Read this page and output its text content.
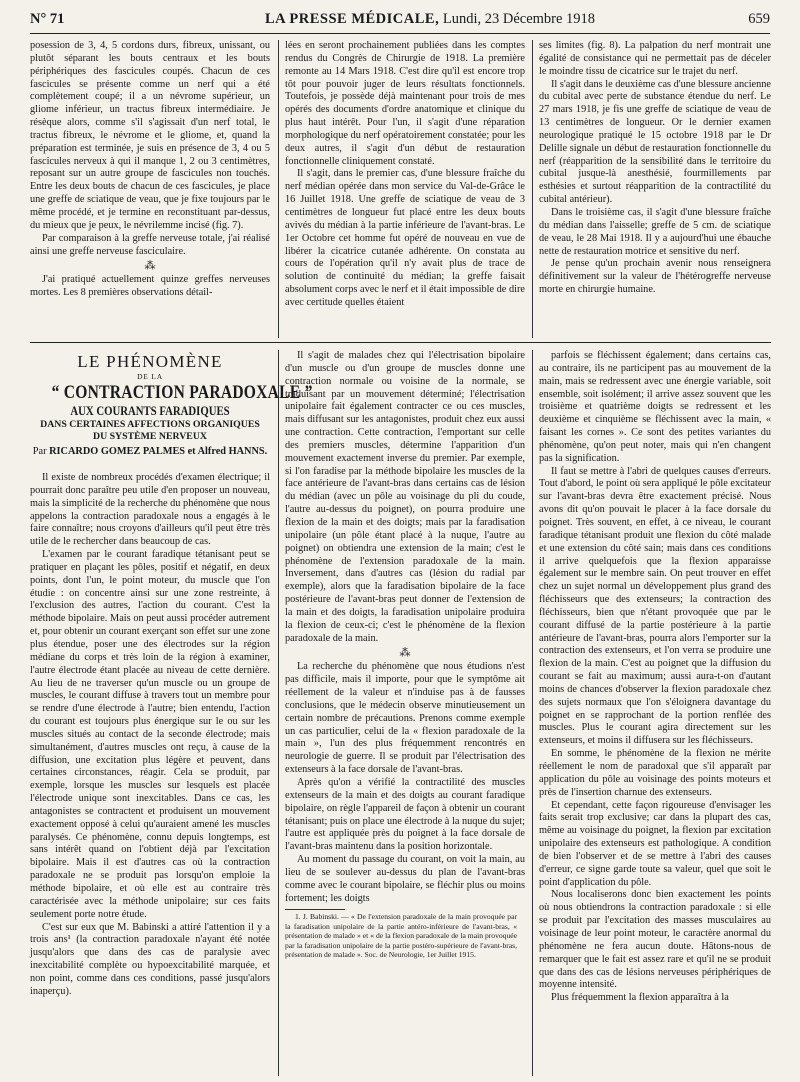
N° 71	LA PRESSE MÉDICALE, Lundi, 23 Décembre 1918	659

posession de 3, 4, 5 cordons durs, fibreux, unissant, ou plutôt séparant les bouts centraux et les bouts périphériques des fascicules coupés. Chacun de ces fascicules se présente comme un nerf qui a été complètement coupé; il a un névrome supérieur, un gliome inférieur, un tractus fibreux intermédiaire. Je résèque alors, comme s'il s'agissait d'un nerf total, le tractus fibreux, le névrome et le gliome, et, quand la préparation est terminée, je suis en présence de 3, 4 ou 5 fascicules nerveux à qui il manque 1, 2 ou 3 centimètres, reposant sur un autre groupe de fascicules non touchés. Entre les deux bouts de chacun de ces fascicules, je place une greffe de sciatique de veau, que je fixe toujours par le même procédé, et je termine en reconstituant par-dessus, du mieux que je peux, le névrilemme incisé (fig. 7).

Par comparaison à la greffe nerveuse totale, j'ai réalisé ainsi une greffe nerveuse fasciculaire.

⁂

J'ai pratiqué actuellement quinze greffes nerveuses mortes. Les 8 premières observations détail-

lées en seront prochainement publiées dans les comptes rendus du Congrès de Chirurgie de 1918. La première remonte au 14 Mars 1918. C'est dire qu'il est encore trop tôt pour pouvoir juger de leurs résultats fonctionnels. Toutefois, je possède déjà maintenant pour trois de mes opérés des documents d'ordre anatomique et clinique du plus haut intérêt. Pour l'un, il s'agit d'une réparation morphologique du nerf opératoirement constatée; pour les deux autres, il s'agit d'un début de restauration fonctionnelle cliniquement constaté.

Il s'agit, dans le premier cas, d'une blessure fraîche du nerf médian opérée dans mon service du Val-de-Grâce le 16 Juillet 1918. Une greffe de sciatique de veau de 3 centimètres de longueur fut placé entre les deux bouts avivés du médian à la partie inférieure de l'avant-bras. Le 1er Octobre cet homme fut opéré de nouveau en vue de libérer la cicatrice cutanée adhérente. On constata au cours de l'opération qu'il n'y avait plus de trace de solution de continuité du médian; la greffe faisait absolument corps avec le nerf et il était impossible de dire avec certitude quelles étaient

ses limites (fig. 8). La palpation du nerf montrait une égalité de consistance qui ne permettait pas de déceler le moindre tissu de cicatrice sur le trajet du nerf.

Il s'agit dans le deuxième cas d'une blessure ancienne du cubital avec perte de substance étendue du nerf. Le 27 mars 1918, je fis une greffe de sciatique de veau de 13 centimètres de longueur. Or le dernier examen neurologique pratiqué le 15 octobre 1918 par le Dr Delille signale un début de restauration fonctionnelle du nerf (réapparition de la sensibilité dans le territoire du cubital jusque-là anesthésié, fourmillements par esthésies et surtout réapparition de la contractilité du cubital antérieur).

Dans le troisième cas, il s'agit d'une blessure fraîche du médian dans l'aisselle; greffe de 5 cm. de sciatique de veau, le 28 Mai 1918. Il y a aujourd'hui une ébauche nette de restauration motrice et sensitive du nerf.

Je pense qu'un prochain avenir nous renseignera définitivement sur la valeur de l'hétérogreffe nerveuse morte en chirurgie humaine.

LE PHÉNOMÈNE
DE LA
“ CONTRACTION PARADOXALE ”
AUX COURANTS FARADIQUES
DANS CERTAINES AFFECTIONS ORGANIQUES
DU SYSTÈME NERVEUX
Par RICARDO GOMEZ PALMES et Alfred HANNS.

Il existe de nombreux procédés d'examen électrique; il pourrait donc paraître peu utile d'en proposer un nouveau, mais la simplicité de la recherche du phénomène que nous appelons la contraction paradoxale nous a engagés à le faire connaître; nous croyons d'ailleurs qu'il peut être très utile de le rechercher dans beaucoup de cas.

L'examen par le courant faradique tétanisant peut se pratiquer en plaçant les pôles, positif et négatif, en deux points, dont l'un, le point moteur, du muscle que l'on étudie : on concentre ainsi sur une zone restreinte, à l'exclusion des autres, l'action du courant. C'est la méthode bipolaire. Mais on peut aussi procéder autrement et, pour obtenir un courant exerçant son effet sur une zone plus étendue, poser une des électrodes sur la région médiane du corps et très loin de la région à examiner, l'autre électrode étant placée au niveau de cette dernière. Au lieu de ne traverser qu'un muscle ou un groupe de muscles, le courant diffuse à travers tout un membre pour se rendre d'une électrode à l'autre; bien entendu, l'action du courant est toujours plus énergique sur le ou sur les muscles situés au contact de la seconde électrode; mais simultanément, d'autres muscles ont reçu, à cause de la diffusion, une excitation plus légère et peuvent, dans certaines circonstances, réagir. Cela se produit, par exemple, lorsque les muscles sur lesquels est placée l'électrode unique sont inexcitables. Dans ce cas, les antagonistes se contractent et produisent un mouvement exactement opposé à celui qu'auraient amené les muscles paralysés. Ce phénomène, connu depuis longtemps, est sans intérêt quand on l'obtient déjà par l'excitation bipolaire. Mais il est d'autres cas où la contraction paradoxale ne se produit pas lorsqu'on emploie la méthode bipolaire, et où elle est au contraire très caractérisée avec la méthode unipolaire; sur ces faits seulement porte notre étude.

C'est sur eux que M. Babinski a attiré l'attention il y a trois ans¹ (la contraction paradoxale n'ayant été notée jusqu'alors que dans des cas de paralysie avec inexcitabilité complète ou hypoexcitabilité marquée, et non point, comme dans ces conditions, passé jusqu'alors inaperçu).

Il s'agit de malades chez qui l'électrisation bipolaire d'un muscle ou d'un groupe de muscles donne une contraction normale ou voisine de la normale, se traduisant par un mouvement déterminé; l'électrisation unipolaire fait également contracter ce ou ces muscles, mais diffusant sur les antagonistes, produit chez eux aussi une contraction. Cette contraction, l'emportant sur celle des premiers muscles, détermine l'apparition d'un mouvement exactement inverse du premier. Par exemple, si l'on faradise par la méthode bipolaire les muscles de la face antérieure de l'avant-bras dans certains cas de lésion du médian (avec un pôle au voisinage du pli du coude, l'autre au-dessus du poignet), on pourra produire une flexion de la main et des doigts; mais par la faradisation unipolaire (un pôle étant placé à la nuque, l'autre au poignet) on obtiendra une extension de la main; c'est le phénomène de l'extension paradoxale de la main. Inversement, dans d'autres cas (lésion du radial par exemple), alors que la faradisation bipolaire de la face postérieure de l'avant-bras peut donner de l'extension de la main et des doigts, la faradisation unipolaire produira la flexion de ceux-ci; c'est le phénomène de la flexion paradoxale de la main.

⁂

La recherche du phénomène que nous étudions n'est pas difficile, mais il importe, pour que le symptôme ait réellement de la valeur et n'induise pas à de fausses conclusions, que le médecin observe minutieusement un certain nombre de précautions. Prenons comme exemple un cas particulier, celui de la « flexion paradoxale de la main », l'un des plus fréquemment rencontrés en neurologie de guerre. Il se produit par l'électrisation des extenseurs à la face dorsale de l'avant-bras.

Après qu'on a vérifié la contractilité des muscles extenseurs de la main et des doigts au courant faradique bipolaire, on règle l'appareil de façon à obtenir un courant tétanisant; puis on place une électrode à la nuque du sujet; l'autre est appliquée près du poignet à la face dorsale de l'avant-bras maintenu dans la position horizontale.

Au moment du passage du courant, on voit la main, au lieu de se soulever au-dessus du plan de l'avant-bras comme avec le courant bipolaire, se fléchir plus ou moins fortement; les doigts

1. J. Babinski. — « De l'extension paradoxale de la main provoquée par la faradisation unipolaire de la partie antéro-inférieure de l'avant-bras, « présentation de malade » et « de la flexion paradoxale de la main provoquée par la faradisation unipolaire de la partie postéro-supérieure de l'avant-bras, présentation de malade ». Soc. de Neurologie, 1er Juillet 1915.

parfois se fléchissent également; dans certains cas, au contraire, ils ne participent pas au mouvement de la main, mais se redressent avec une énergie variable, soit ensemble, soit isolément; il arrive assez souvent que les troisième et quatrième doigts se redressent et les deuxième et cinquième se fléchissent avec la main, « faisant les cornes ». Ce sont des petites variantes du phénomène, qu'on peut noter, mais qui n'en changent pas la signification.

Il faut se mettre à l'abri de quelques causes d'erreurs. Tout d'abord, le point où sera appliqué le pôle excitateur sur l'avant-bras devra être exactement précisé. Nous avons dit qu'on pouvait le placer à la face dorsale du poignet. Très souvent, en effet, à ce niveau, le courant faradique tétanisant produit une flexion du côté malade et une extension du côté sain; mais dans ces conditions il arrive quelquefois que la flexion apparaisse également sur le membre sain. On peut trouver en effet chez un sujet normal un développement plus grand des fléchisseurs que des extenseurs; la contraction des fléchisseurs, bien que n'étant provoquée que par le courant diffusé de la partie postérieure à la partie antérieure de l'avant-bras, pourra alors l'emporter sur la contraction des extenseurs, et l'on verra se produire une flexion de la main. C'est au poignet que la diffusion du courant se fait au maximum; aussi aura-t-on d'autant moins de chances d'observer la flexion paradoxale chez des sujets normaux que l'on s'éloignera davantage du poignet en se rapprochant de la portion renflée des muscles. Plus le courant agira directement sur les extenseurs, et moins il diffusera sur les fléchisseurs.

En somme, le phénomène de la flexion ne mérite réellement le nom de paradoxal que s'il apparaît par application du pôle au voisinage des points moteurs et près de l'insertion charnue des extenseurs.

Et cependant, cette façon rigoureuse d'envisager les faits serait trop exclusive; car dans la plupart des cas, même au voisinage du poignet, la flexion par excitation unipolaire des extenseurs est pathologique. A condition de bien l'observer et de se mettre à l'abri des causes d'erreur, ce signe garde toute sa valeur, quel que soit le point d'application du pôle.

Nous localiserons donc bien exactement les points où nous obtiendrons la contraction paradoxale : si elle se produit par l'excitation des masses musculaires au voisinage de leur point moteur, le caractère anormal du phénomène ne fera aucun doute. Hâtons-nous de remarquer que le fait est assez rare et qu'il ne se produit que dans des cas de lésions nerveuses périphériques de moyenne intensité.

Plus fréquemment la flexion apparaîtra à la
